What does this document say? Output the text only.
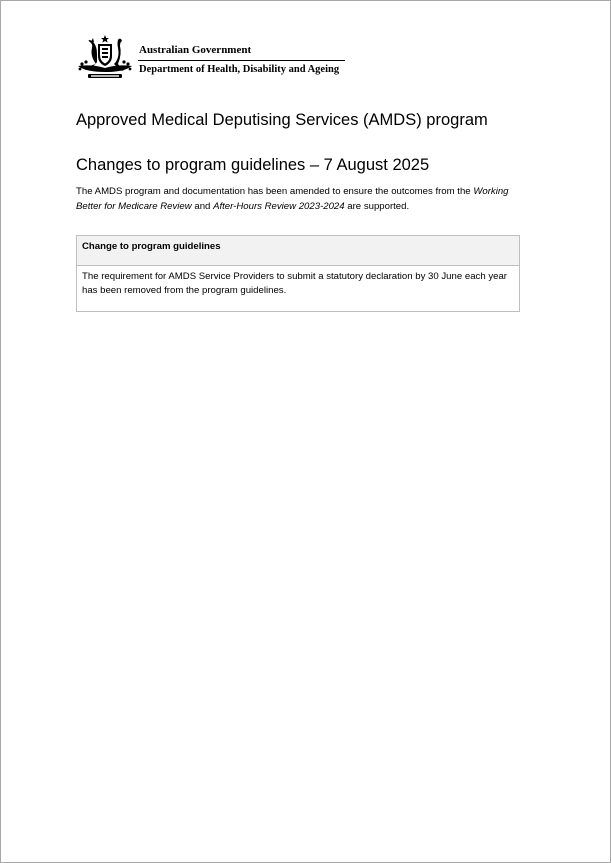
Australian Government
Department of Health, Disability and Ageing
Approved Medical Deputising Services (AMDS) program
Changes to program guidelines – 7 August 2025

The AMDS program and documentation has been amended to ensure the outcomes from the Working Better for Medicare Review and After-Hours Review 2023-2024 are supported.

Change to program guidelines
The requirement for AMDS Service Providers to submit a statutory declaration by 30 June each year has been removed from the program guidelines.
